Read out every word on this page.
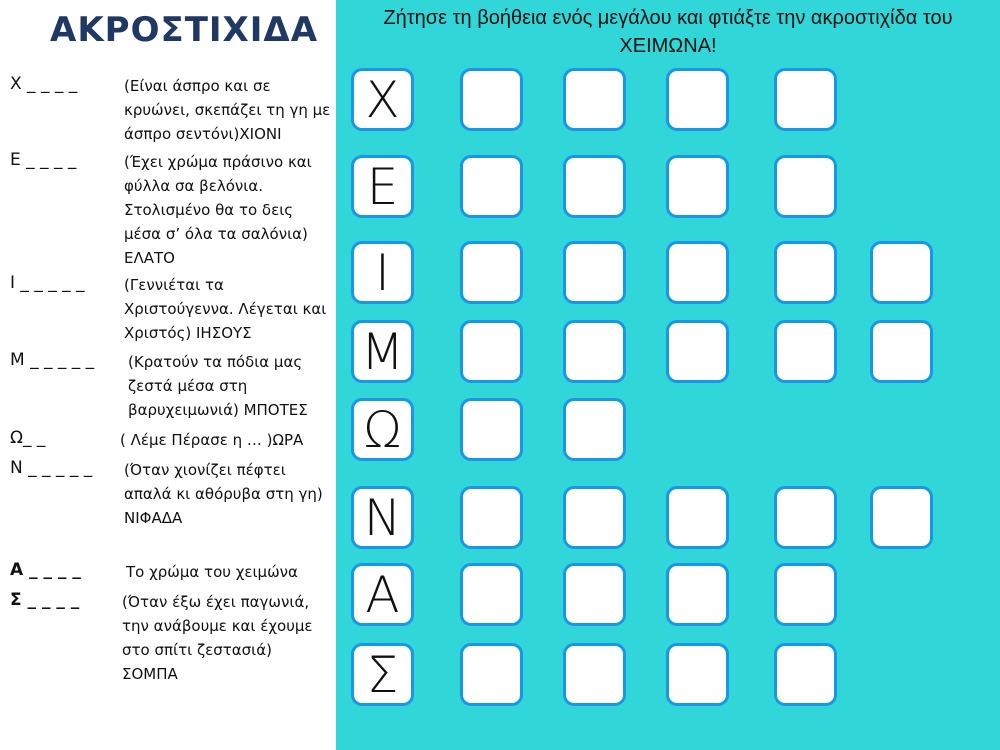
ΑΚΡΟΣΤΙΧΙΔΑ
Χ _ _ _ _	(Είναι άσπρο και σε κρυώνει, σκεπάζει τη γη με άσπρο σεντόνι)ΧΙΟΝΙ
Ε _ _ _ _	(Έχει χρώμα πράσινο και φύλλα σα βελόνια. Στολισμένο θα το δεις μέσα σ’ όλα τα σαλόνια) ΕΛΑΤΟ
Ι _ _ _ _ _	(Γεννιέται τα Χριστούγεννα. Λέγεται και Χριστός) ΙΗΣΟΥΣ
Μ _ _ _ _ _ (Κρατούν τα πόδια μας ζεστά μέσα στη βαρυχειμωνιά) ΜΠΟΤΕΣ
Ω_ _	( Λέμε Πέρασε η … )ΩΡΑ
Ν _ _ _ _ _ (Όταν χιονίζει πέφτει απαλά κι αθόρυβα στη γη) ΝΙΦΑΔΑ
Α _ _ _ _	Το χρώμα του χειμώνα
Σ _ _ _ _	(Όταν έξω έχει παγωνιά, την ανάβουμε και έχουμε στο σπίτι ζεστασιά) ΣΟΜΠΑ
Ζήτησε τη βοήθεια ενός μεγάλου και φτιάξτε την ακροστιχίδα του
ΧΕΙΜΩΝΑ!
Χ
Ε
Ι
Μ
Ω
Ν
Α
Σ
